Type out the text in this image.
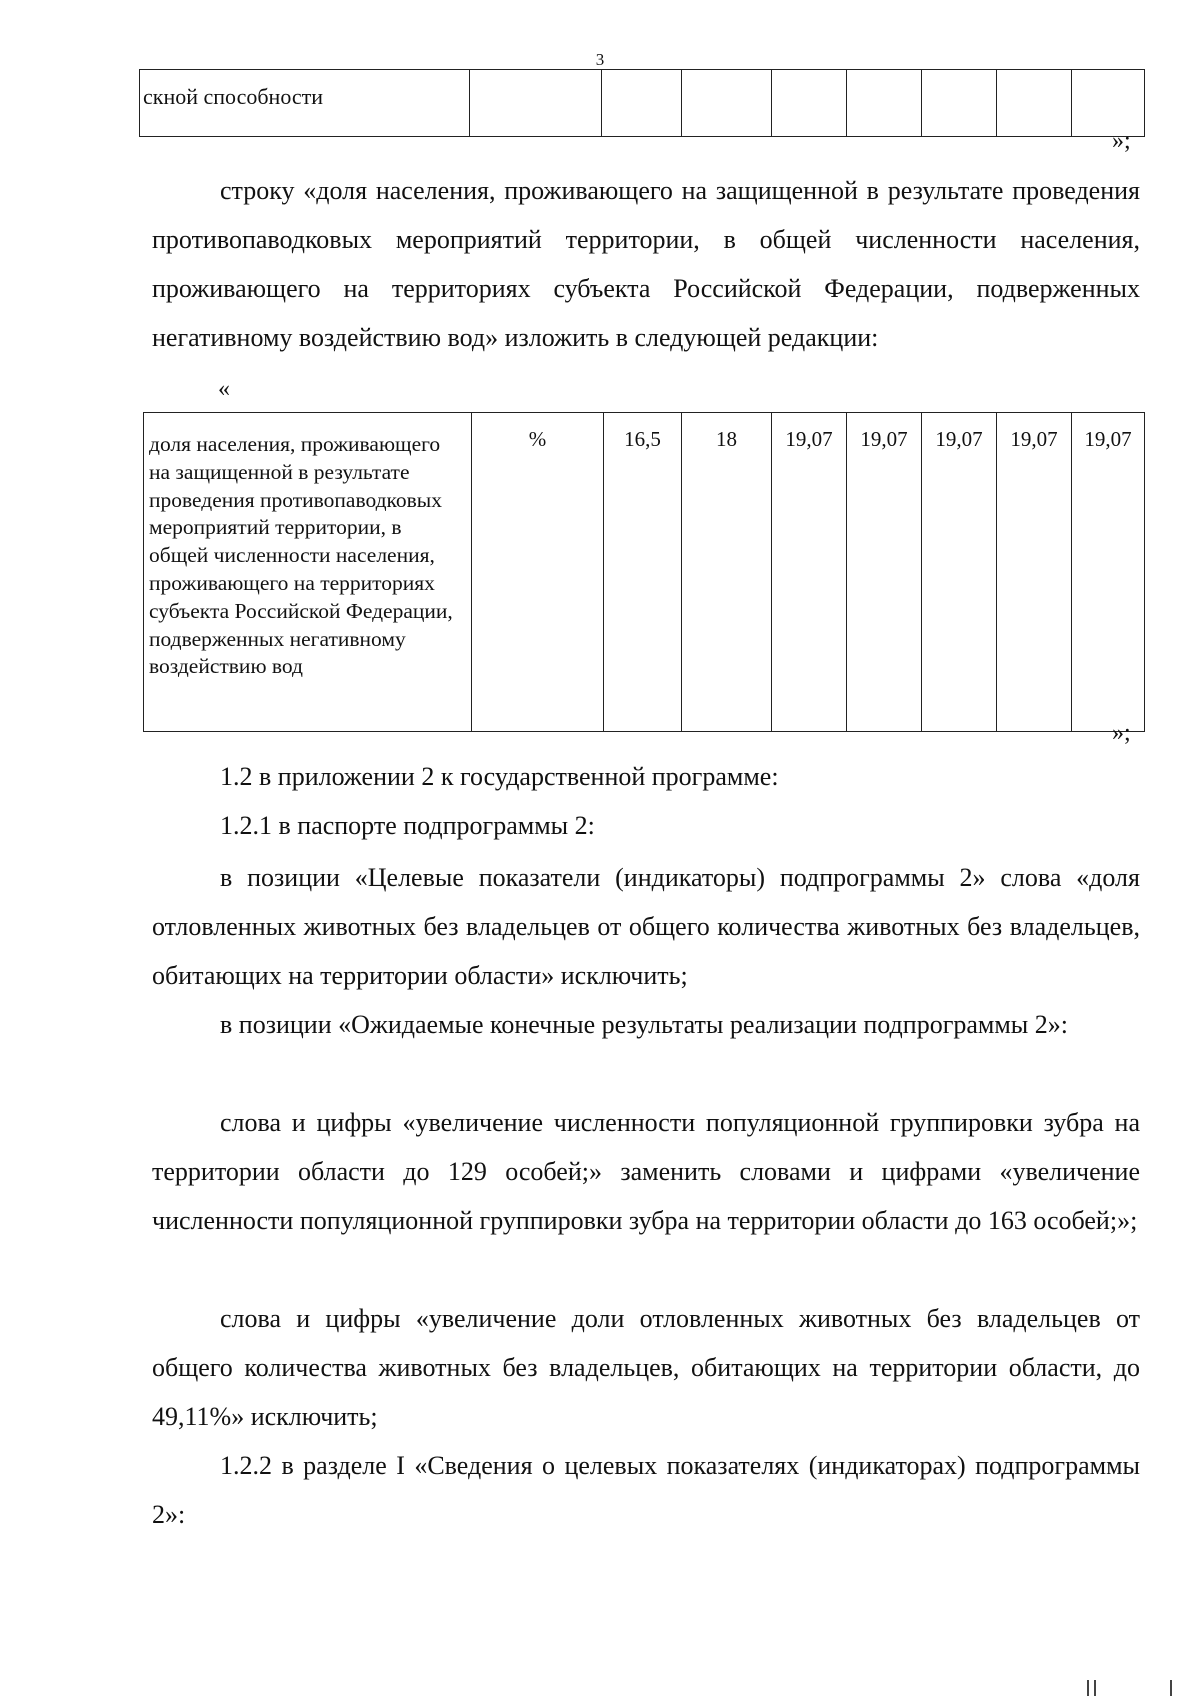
3
скной способности								
»;

строку «доля населения, проживающего на защищенной в результате проведения противопаводковых мероприятий территории, в общей численности населения, проживающего на территориях субъекта Российской Федерации, подверженных негативному воздействию вод» изложить в следующей редакции:

«
доля населения, проживающего на защищенной в результате проведения противопаводковых мероприятий территории, в общей численности населения, проживающего на территориях субъекта Российской Федерации, подверженных негативному воздействию вод	%	16,5	18	19,07	19,07	19,07	19,07	19,07
»;

1.2 в приложении 2 к государственной программе:

1.2.1 в паспорте подпрограммы 2:

в позиции «Целевые показатели (индикаторы) подпрограммы 2» слова «доля отловленных животных без владельцев от общего количества животных без владельцев, обитающих на территории области» исключить;

в позиции «Ожидаемые конечные результаты реализации подпрограммы 2»:

слова и цифры «увеличение численности популяционной группировки зубра на территории области до 129 особей;» заменить словами и цифрами «увеличение численности популяционной группировки зубра на территории области до 163 особей;»;

слова и цифры «увеличение доли отловленных животных без владельцев от общего количества животных без владельцев, обитающих на территории области, до 49,11%» исключить;

1.2.2 в разделе I «Сведения о целевых показателях (индикаторах) подпрограммы 2»:
